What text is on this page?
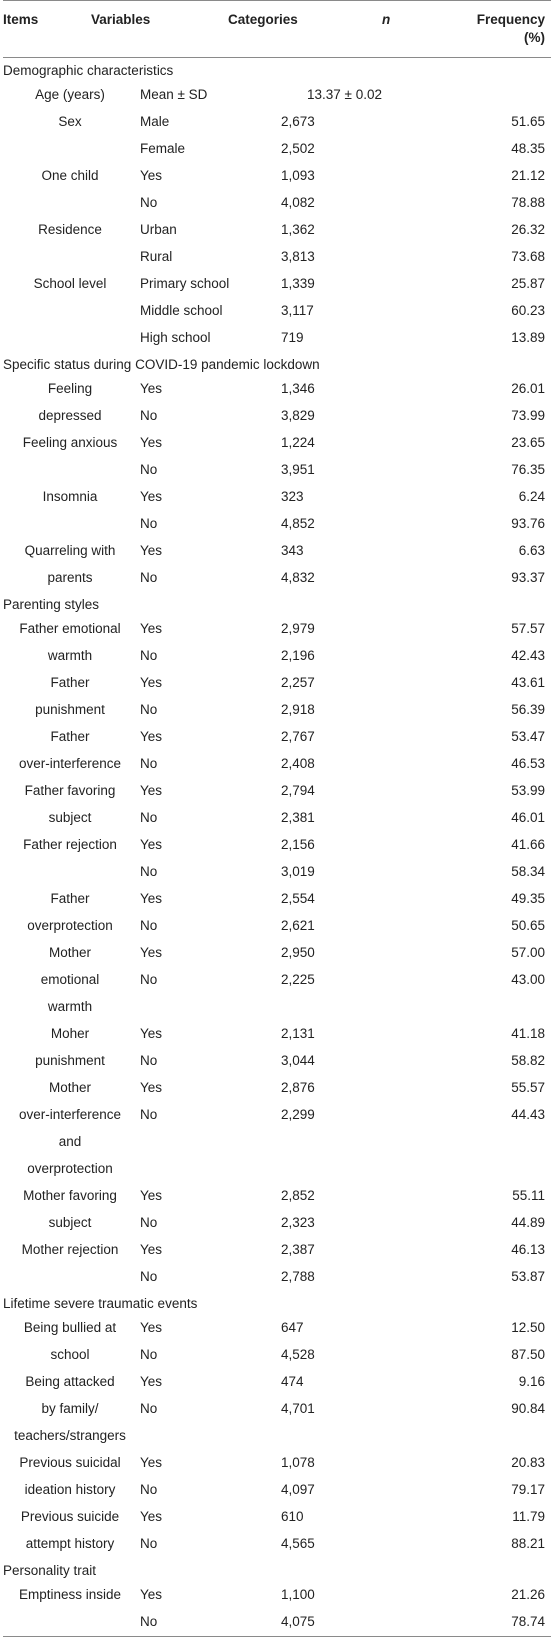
Items	Variables	Categories	n	Frequency
(%)
Demographic characteristics			
Age (years)	Mean ± SD	13.37 ± 0.02	
Sex	Male	2,673	51.65
	Female	2,502	48.35
One child	Yes	1,093	21.12
	No	4,082	78.88
Residence	Urban	1,362	26.32
	Rural	3,813	73.68
School level	Primary school	1,339	25.87
	Middle school	3,117	60.23
	High school	719	13.89
Specific status during COVID-19 pandemic lockdown			
Feeling	Yes	1,346	26.01
depressed	No	3,829	73.99
Feeling anxious	Yes	1,224	23.65
	No	3,951	76.35
Insomnia	Yes	323	6.24
	No	4,852	93.76
Quarreling with	Yes	343	6.63
parents	No	4,832	93.37
Parenting styles			
Father emotional	Yes	2,979	57.57
warmth	No	2,196	42.43
Father	Yes	2,257	43.61
punishment	No	2,918	56.39
Father	Yes	2,767	53.47
over-interference	No	2,408	46.53
Father favoring	Yes	2,794	53.99
subject	No	2,381	46.01
Father rejection	Yes	2,156	41.66
	No	3,019	58.34
Father	Yes	2,554	49.35
overprotection	No	2,621	50.65
Mother	Yes	2,950	57.00
emotional	No	2,225	43.00
warmth			
Moher	Yes	2,131	41.18
punishment	No	3,044	58.82
Mother	Yes	2,876	55.57
over-interference	No	2,299	44.43
and			
overprotection			
Mother favoring	Yes	2,852	55.11
subject	No	2,323	44.89
Mother rejection	Yes	2,387	46.13
	No	2,788	53.87
Lifetime severe traumatic events			
Being bullied at	Yes	647	12.50
school	No	4,528	87.50
Being attacked	Yes	474	9.16
by family/	No	4,701	90.84
teachers/strangers			
Previous suicidal	Yes	1,078	20.83
ideation history	No	4,097	79.17
Previous suicide	Yes	610	11.79
attempt history	No	4,565	88.21
Personality trait			
Emptiness inside	Yes	1,100	21.26
	No	4,075	78.74
